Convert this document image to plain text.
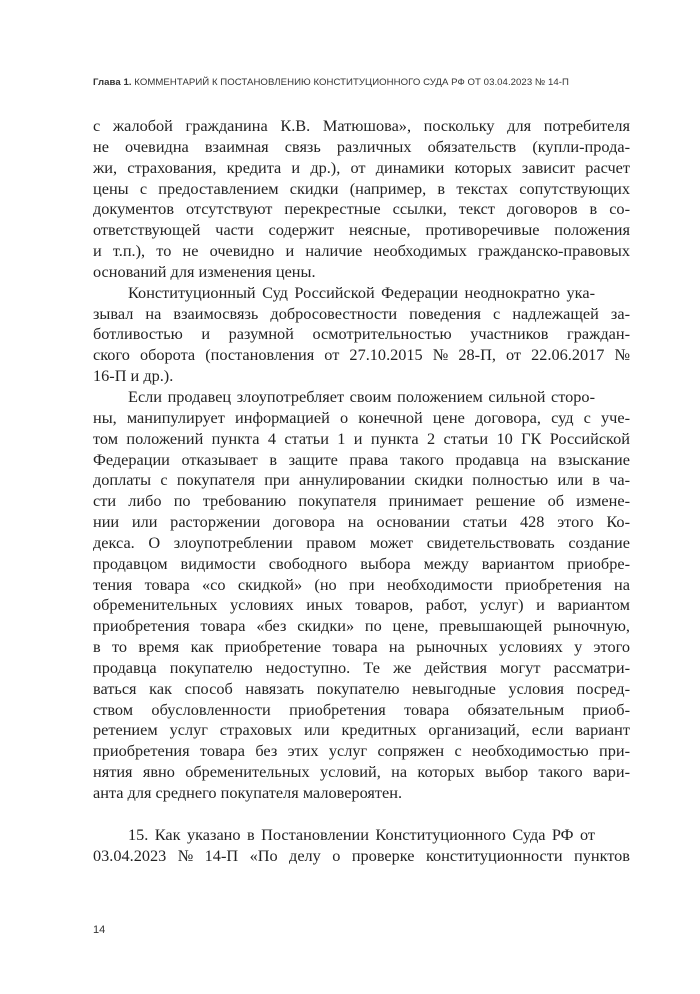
Глава 1. КОММЕНТАРИЙ К ПОСТАНОВЛЕНИЮ КОНСТИТУЦИОННОГО СУДА РФ ОТ 03.04.2023 № 14-П
с жалобой гражданина К.В. Матюшова», поскольку для потребителя
не очевидна взаимная связь различных обязательств (купли-прода-
жи, страхования, кредита и др.), от динамики которых зависит расчет
цены с предоставлением скидки (например, в текстах сопутствующих
документов отсутствуют перекрестные ссылки, текст договоров в со-
ответствующей части содержит неясные, противоречивые положения
и т.п.), то не очевидно и наличие необходимых гражданско-правовых
оснований для изменения цены.
Конституционный Суд Российской Федерации неоднократно ука-
зывал на взаимосвязь добросовестности поведения с надлежащей за-
ботливостью и разумной осмотрительностью участников граждан-
ского оборота (постановления от 27.10.2015 № 28-П, от 22.06.2017 №
16-П и др.).
Если продавец злоупотребляет своим положением сильной сторо-
ны, манипулирует информацией о конечной цене договора, суд с уче-
том положений пункта 4 статьи 1 и пункта 2 статьи 10 ГК Российской
Федерации отказывает в защите права такого продавца на взыскание
доплаты с покупателя при аннулировании скидки полностью или в ча-
сти либо по требованию покупателя принимает решение об измене-
нии или расторжении договора на основании статьи 428 этого Ко-
декса. О злоупотреблении правом может свидетельствовать создание
продавцом видимости свободного выбора между вариантом приобре-
тения товара «со скидкой» (но при необходимости приобретения на
обременительных условиях иных товаров, работ, услуг) и вариантом
приобретения товара «без скидки» по цене, превышающей рыночную,
в то время как приобретение товара на рыночных условиях у этого
продавца покупателю недоступно. Те же действия могут рассматри-
ваться как способ навязать покупателю невыгодные условия посред-
ством обусловленности приобретения товара обязательным приоб-
ретением услуг страховых или кредитных организаций, если вариант
приобретения товара без этих услуг сопряжен с необходимостью при-
нятия явно обременительных условий, на которых выбор такого вари-
анта для среднего покупателя маловероятен.
15. Как указано в Постановлении Конституционного Суда РФ от
03.04.2023 № 14-П «По делу о проверке конституционности пунктов
14
